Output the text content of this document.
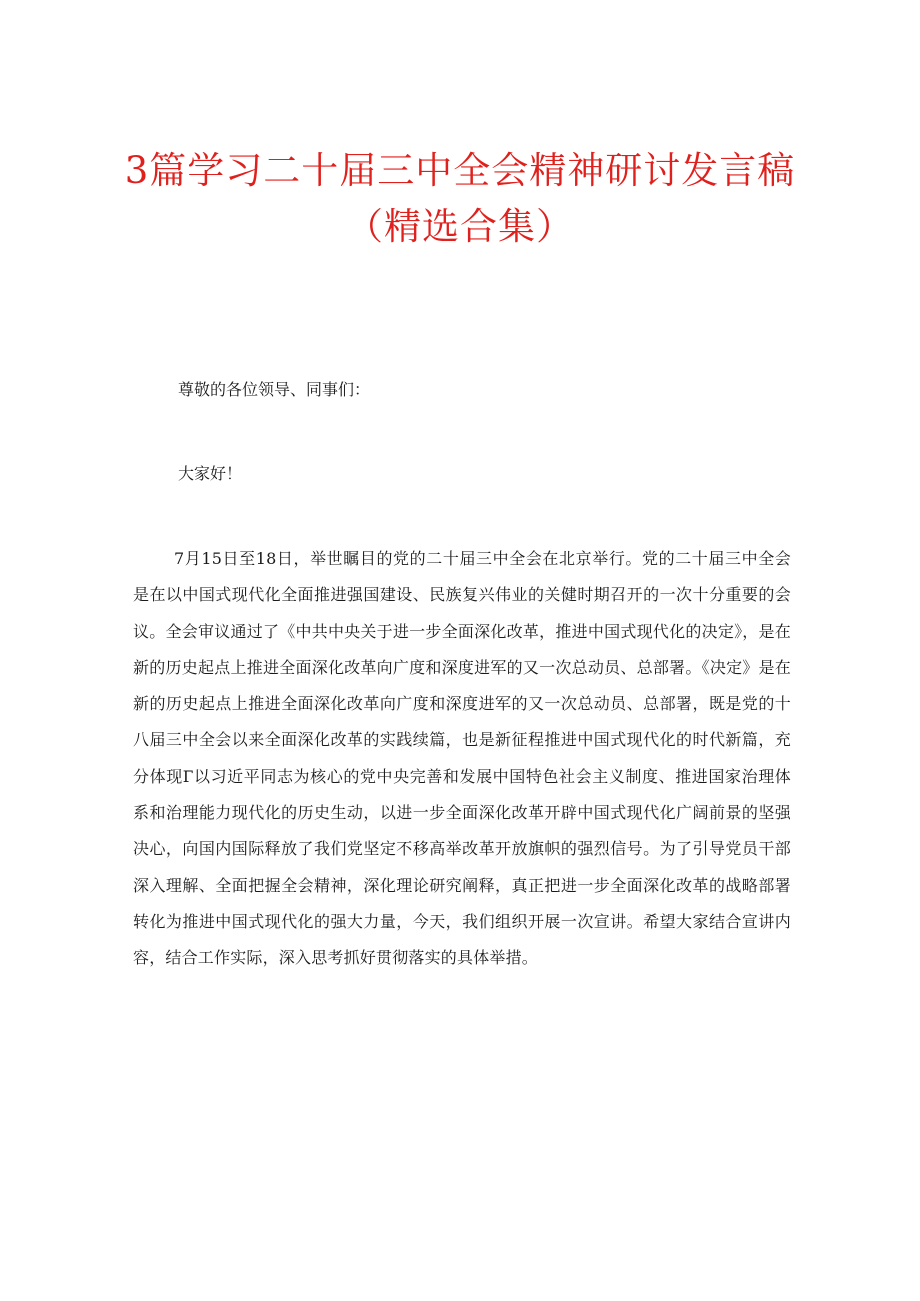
3篇学习二十届三中全会精神研讨发言稿（精选合集）

尊敬的各位领导、同事们：

大家好！

7月15日至18日，举世瞩目的党的二十届三中全会在北京举行。党的二十届三中全会是在以中国式现代化全面推进强国建设、民族复兴伟业的关健时期召开的一次十分重要的会议。全会审议通过了《中共中央关于进一步全面深化改革，推进中国式现代化的决定》，是在新的历史起点上推进全面深化改革向广度和深度进军的又一次总动员、总部署。《决定》是在新的历史起点上推进全面深化改革向广度和深度进军的又一次总动员、总部署，既是党的十八届三中全会以来全面深化改革的实践续篇，也是新征程推进中国式现代化的时代新篇，充分体现Г以习近平同志为核心的党中央完善和发展中国特色社会主义制度、推进国家治理体系和治理能力现代化的历史生动，以进一步全面深化改革开辟中国式现代化广阔前景的坚强决心，向国内国际释放了我们党坚定不移高举改革开放旗帜的强烈信号。为了引导党员干部深入理解、全面把握全会精神，深化理论研究阐释，真正把进一步全面深化改革的战略部署转化为推进中国式现代化的强大力量，今天，我们组织开展一次宣讲。希望大家结合宣讲内容，结合工作实际，深入思考抓好贯彻落实的具体举措。
